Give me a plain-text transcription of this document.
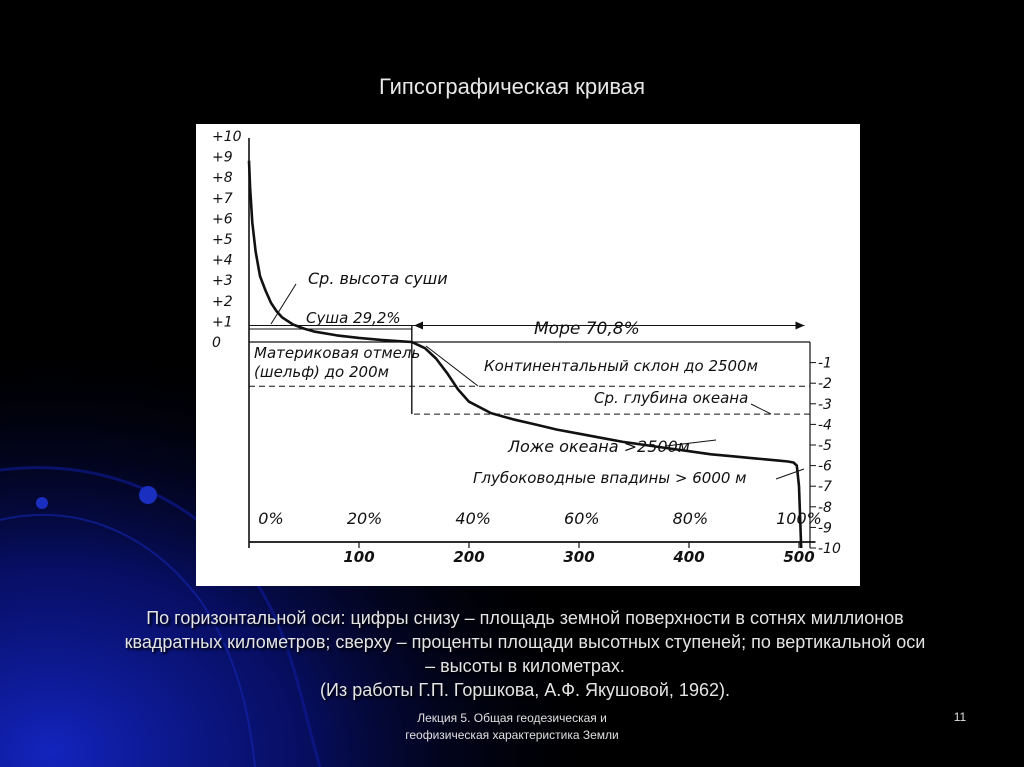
Гипсографическая кривая
+10
+9
+8
+7
+6
+5
+4
+3
+2
+1
0
-1
-2
-3
-4
-5
-6
-7
-8
-9
-10
100	200	300	400	500
0%	20%	40%	60%	80%	100%
Ср. высота суши
Суша 29,2%
Море 70,8%
Материковая отмель
(шельф) до 200м	Континентальный склон до 2500м
Ср. глубина океана
Ложе океана >2500м
Глубоководные впадины > 6000 м
По горизонтальной оси: цифры снизу – площадь земной поверхности в сотнях миллионов
квадратных километров; сверху – проценты площади высотных ступеней; по вертикальной оси
– высоты в километрах.
(Из работы Г.П. Горшкова, А.Ф. Якушовой, 1962).
Лекция 5. Общая геодезическая и
геофизическая характеристика Земли
11
